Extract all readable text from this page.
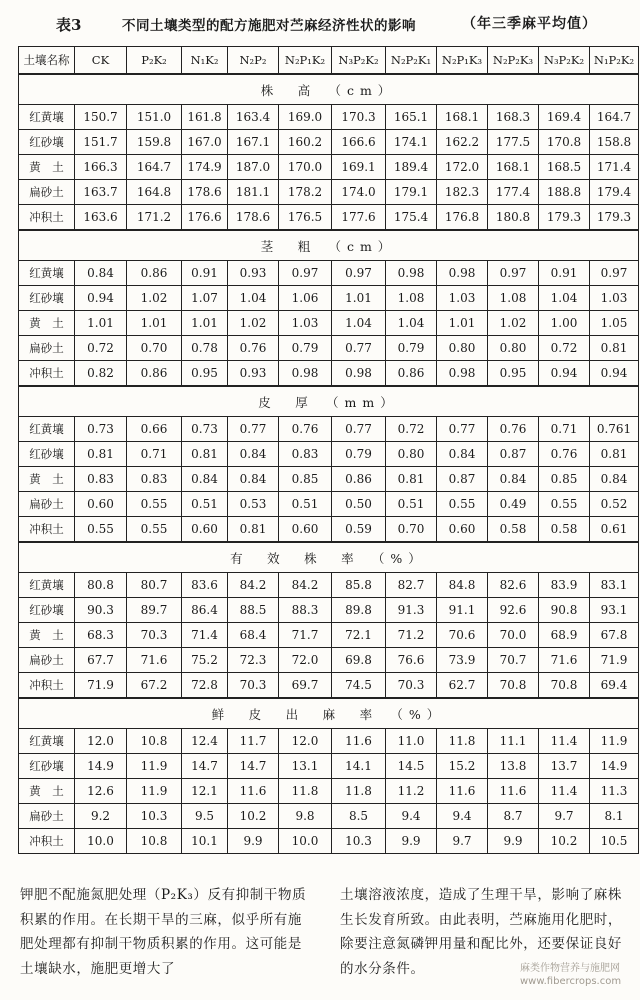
表3	不同土壤类型的配方施肥对苎麻经济性状的影响	（年三季麻平均值）
土壤名称	CK	P₂K₂	N₁K₂	N₂P₂	N₂P₁K₂	N₃P₂K₂	N₂P₂K₁	N₂P₁K₃	N₂P₂K₃	N₃P₂K₂	N₁P₂K₂
株　高　（cm）											
红黄壤	150.7	151.0	161.8	163.4	169.0	170.3	165.1	168.1	168.3	169.4	164.7
红砂壤	151.7	159.8	167.0	167.1	160.2	166.6	174.1	162.2	177.5	170.8	158.8
黄　土	166.3	164.7	174.9	187.0	170.0	169.1	189.4	172.0	168.1	168.5	171.4
扁砂土	163.7	164.8	178.6	181.1	178.2	174.0	179.1	182.3	177.4	188.8	179.4
冲积土	163.6	171.2	176.6	178.6	176.5	177.6	175.4	176.8	180.8	179.3	179.3
茎　粗　（cm）											
红黄壤	0.84	0.86	0.91	0.93	0.97	0.97	0.98	0.98	0.97	0.91	0.97
红砂壤	0.94	1.02	1.07	1.04	1.06	1.01	1.08	1.03	1.08	1.04	1.03
黄　土	1.01	1.01	1.01	1.02	1.03	1.04	1.04	1.01	1.02	1.00	1.05
扁砂土	0.72	0.70	0.78	0.76	0.79	0.77	0.79	0.80	0.80	0.72	0.81
冲积土	0.82	0.86	0.95	0.93	0.98	0.98	0.86	0.98	0.95	0.94	0.94
皮　厚　（mm）											
红黄壤	0.73	0.66	0.73	0.77	0.76	0.77	0.72	0.77	0.76	0.71	0.761
红砂壤	0.81	0.71	0.81	0.84	0.83	0.79	0.80	0.84	0.87	0.76	0.81
黄　土	0.83	0.83	0.84	0.84	0.85	0.86	0.81	0.87	0.84	0.85	0.84
扁砂土	0.60	0.55	0.51	0.53	0.51	0.50	0.51	0.55	0.49	0.55	0.52
冲积土	0.55	0.55	0.60	0.81	0.60	0.59	0.70	0.60	0.58	0.58	0.61
有　效　株　率　（%）											
红黄壤	80.8	80.7	83.6	84.2	84.2	85.8	82.7	84.8	82.6	83.9	83.1
红砂壤	90.3	89.7	86.4	88.5	88.3	89.8	91.3	91.1	92.6	90.8	93.1
黄　土	68.3	70.3	71.4	68.4	71.7	72.1	71.2	70.6	70.0	68.9	67.8
扁砂土	67.7	71.6	75.2	72.3	72.0	69.8	76.6	73.9	70.7	71.6	71.9
冲积土	71.9	67.2	72.8	70.3	69.7	74.5	70.3	62.7	70.8	70.8	69.4
鲜　皮　出　麻　率　（%）											
红黄壤	12.0	10.8	12.4	11.7	12.0	11.6	11.0	11.8	11.1	11.4	11.9
红砂壤	14.9	11.9	14.7	14.7	13.1	14.1	14.5	15.2	13.8	13.7	14.9
黄　土	12.6	11.9	12.1	11.6	11.8	11.8	11.2	11.6	11.6	11.4	11.3
扁砂土	9.2	10.3	9.5	10.2	9.8	8.5	9.4	9.4	8.7	9.7	8.1
冲积土	10.0	10.8	10.1	9.9	10.0	10.3	9.9	9.7	9.9	10.2	10.5
钾肥不配施氮肥处理（P₂K₃）反有抑制干物质积累的作用。在长期干旱的三麻，似乎所有施肥处理都有抑制干物质积累的作用。这可能是土壤缺水，施肥更增大了
土壤溶液浓度，造成了生理干旱，影响了麻株生长发育所致。由此表明，苎麻施用化肥时，除要注意氮磷钾用量和配比外，还要保证良好的水分条件。	麻类作物营养与施肥网 www.fibercrops.com
